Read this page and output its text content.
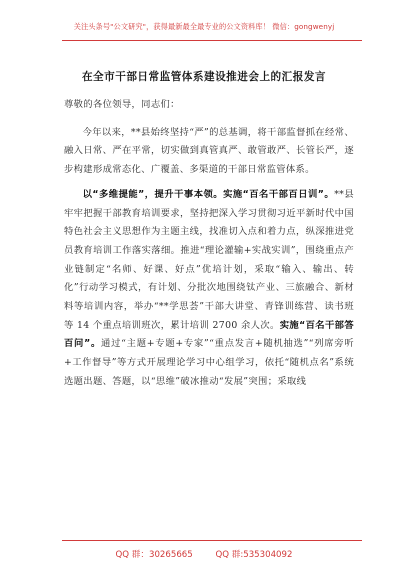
关注头条号"公文研究"，获得最新最全最专业的公文资料库！ 微信：gongwenyj
在全市干部日常监管体系建设推进会上的汇报发言

尊敬的各位领导，同志们：

今年以来，**县始终坚持“严”的总基调，将干部监督抓在经常、融入日常、严在平常，切实做到真管真严、敢管敢严、长管长严，逐步构建形成常态化、广覆盖、多渠道的干部日常监管体系。

以“多维提能”，提升干事本领。实施“百名干部百日训”。**县牢牢把握干部教育培训要求，坚持把深入学习贯彻习近平新时代中国特色社会主义思想作为主题主线，找准切入点和着力点，纵深推进党员教育培训工作落实落细。推进“理论灌输+实战实训”，围绕重点产业链制定“名师、好课、好点”优培计划，采取“输入、输出、转化”行动学习模式，有计划、分批次地围绕钛产业、三旅融合、新材料等培训内容，举办“**学思荟”干部大讲堂、青锋训练营、读书班等 14 个重点培训班次，累计培训 2700 余人次。实施“百名干部答百问”。通过“主题+专题+专家”“重点发言+随机抽选”“列席旁听+工作督导”等方式开展理论学习中心组学习，依托“随机点名”系统选题出题、答题，以“思维”破冰推动“发展”突围；采取线

QQ 群：30265665	QQ 群:535304092
